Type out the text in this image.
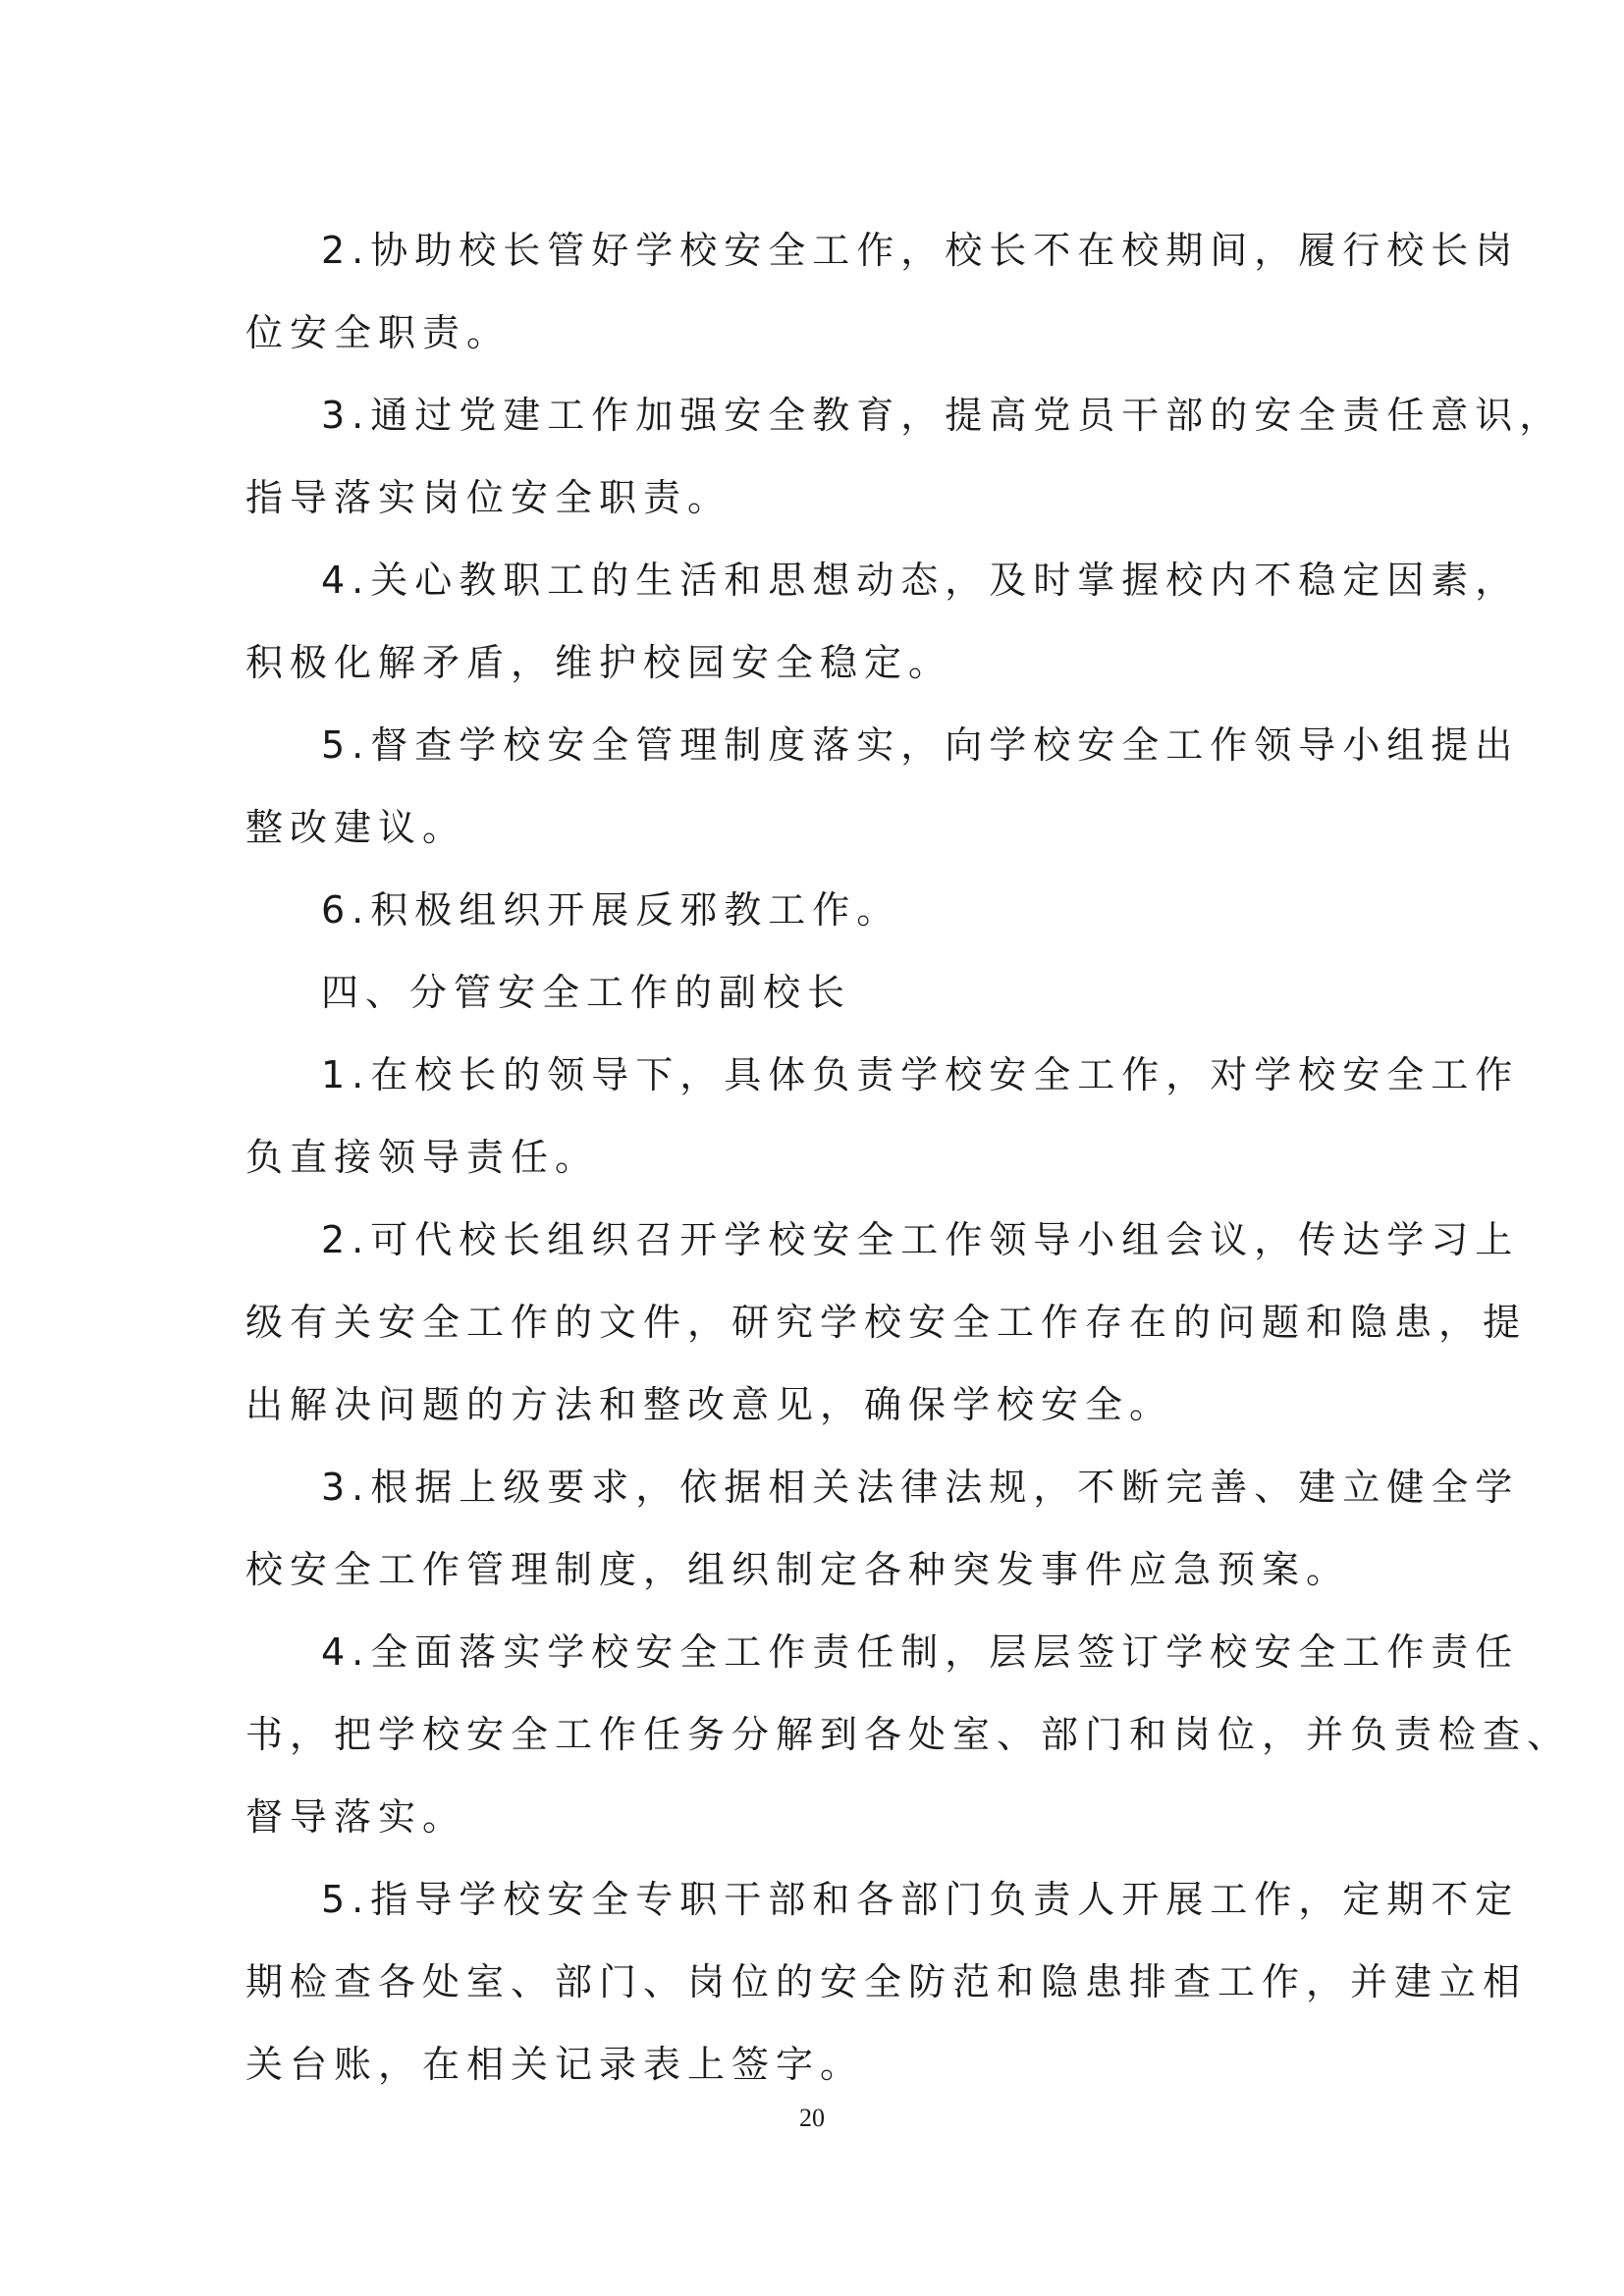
2.协助校长管好学校安全工作，校长不在校期间，履行校长岗
位安全职责。
3.通过党建工作加强安全教育，提高党员干部的安全责任意识，
指导落实岗位安全职责。
4.关心教职工的生活和思想动态，及时掌握校内不稳定因素，
积极化解矛盾，维护校园安全稳定。
5.督查学校安全管理制度落实，向学校安全工作领导小组提出
整改建议。
6.积极组织开展反邪教工作。
四、分管安全工作的副校长
1.在校长的领导下，具体负责学校安全工作，对学校安全工作
负直接领导责任。
2.可代校长组织召开学校安全工作领导小组会议，传达学习上
级有关安全工作的文件，研究学校安全工作存在的问题和隐患，提
出解决问题的方法和整改意见，确保学校安全。
3.根据上级要求，依据相关法律法规，不断完善、建立健全学
校安全工作管理制度，组织制定各种突发事件应急预案。
4.全面落实学校安全工作责任制，层层签订学校安全工作责任
书，把学校安全工作任务分解到各处室、部门和岗位，并负责检查、
督导落实。
5.指导学校安全专职干部和各部门负责人开展工作，定期不定
期检查各处室、部门、岗位的安全防范和隐患排查工作，并建立相
关台账，在相关记录表上签字。
20
